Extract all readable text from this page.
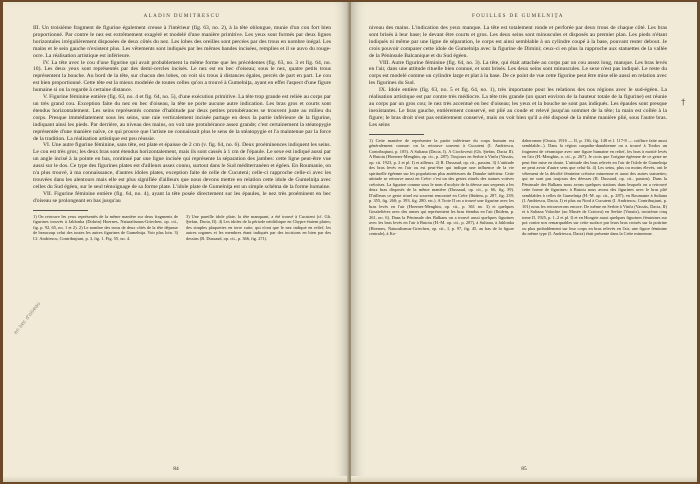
ALADIN DUMITRESCU

III. Un troisième fragment de figurine également creuse à l'intérieur (fig. 63, no. 2), à la tête oblongue, munie d'un cou fort bien proportionné. Par contre le nez est extrêmement exagéré et modelé d'une manière primitive. Les yeux sont formés par deux lignes horizontales irrégulièrement disposées de deux côtés du nez. Les lobes des oreilles sont percées par des trous en nombre inégal. Les mains et le sein gauche n'existent plus. Les vêtements sont indiqués par les mêmes bandes incisées, remplies et il se auvo du rouge-ocre. La réalisation artistique est inférieure.

IV. La tête avec le cou d'une figurine qui avait probablement la même forme que les précédentes (fig. 63, no. 3 et fig. 64, no. 10). Les deux yeux sont représentés par des demi-cercles incisés. Le nez est en bec d'oiseau; sous le nez, quatre petits trous représentent la bouche. Au bord de la tête, sur chacun des lobes, on voit six trous à distances égales, percés de part en part. Le cou est bien proportionné. Cette tête est la mieux modelée de toutes celles qu'on a trouvé à Gumelniţa, ayant en effet l'aspect d'une figure humaine si on la regarde à certaine distance.

V. Figurine féminine entière (fig. 63, no. 4 et fig. 64, no. 5), d'une exécution primitive. La tête trop grande est reliée au corps par un très grand cou. Exception faite du nez en bec d'oiseau, la tête ne porte aucune autre indication. Les bras gros et courts sont étendus horizontalement. Les seins représentés comme d'habitude par deux petites protubérances se trouvent juste au milieu du corps. Presque immédiatement sous les seins, une raie verticalement incisée partage en deux la partie inférieure de la figurine, indiquant ainsi les pieds. Par derrière, au niveau des mains, on voit une protubérance assez grande; c'est certainement la stéatopygie représentée d'une manière naïve, ce qui prouve que l'artiste ne connaissait plus le sens de la stéatopygie et l'a maintenue par la force de la tradition. La réalisation artistique est peu réussie.

VI. Une autre figurine féminine, sans tête, est plate et épaisse de 2 cm (v. fig. 64, no. 6). Deux proéminences indiquent les seins. Le cou est très gros; les deux bras sont étendus horizontalement, mais ils sont cassés à 1 cm de l'épaule. Le sexe est indiqué aussi par un angle incisé à la pointe en bas, continué par une ligne incisée qui représente la séparation des jambes: cette ligne peut-être vue aussi sur le dos. Ce type des figurines plates est d'ailleurs assez connu, surtout dans le Sud méditerranéen et égéen. En Roumanie, on n'a plus trouvé, à ma connaissance, d'autres idoles plates, exception faite de celle de Cucuteni; celle-ci rapproche celle-ci avec les trouvées dans les alentours mais elle est plus signifiée d'ailleurs que nous devons mettre en relation cette idole de Gumelniţa avec celles du Sud égéen, sur le seul témoignage de sa forme plate. L'idole plate de Gumelniţa est un simple schéma de la forme humaine.

VII. Figurine féminine entière (fig. 64, no. 4), ayant la tête posée directement sur les épaules, le nez très proéminent en bec d'oiseau se prolongeant en bas jusqu'au

1) On retrouve les yeux représentés de la même manière sur deux fragments de figurines trouvés à Jablonka (Dobrin) Hoernes, Naturalismus-Griechen, op. cit., fig. p. 92, 65, no. 1 et 2). 2) Le nombre des trous de deux côtés de la tête dépasse de beaucoup celui des toutes les autres figurines de Gumelniţa. Voir plus loin. 3) Cf. Andriescu, Contribuţiuni, p. 3, fig. 1. Fig. 55, no. 4.

3) Une pareille idole plate, la tête manquant, a été trouvé à Cucuteni (cf. Gh. Ştefan, Dacia, II). 4) Les idoles de la période néolithique en Chypre étaient plates; des simples plaquettes en terre cuite, qui n'ont que le nez indiqué en relief, les autres organes et les membres étant indiqués par des incisions en bien par des dessins (R. Dussaud, op. cit., p. 366, fig. 271).

en bec d'oiseau
84
FOUILLES DE GUMELNIŢA

niveau des mains. L'indication des yeux manque. La tête est totalement ronde et perforée par deux trous de chaque côté. Les bras sont brisés à leur base; le devant être courts et gros. Les deux seins sont minuscules et disposés au premier plan. Les pieds n'étant indiqués ni même par une ligne de séparation, le corps est ainsi semblable à un cylindre coupé à la base, pouvant rester debout. Je crois pouvoir comparer cette idole de Gumelniţa avec la figurine de Dimini; ceux-ci en plus la rapproche aux statuettes de la vallée de la Péninsule Balcanique et du Sud égéen.

VIII. Autre figurine féminine (fig. 64, no. 3). La tête, qui était attachée au corps par un cou assez long, manque. Les bras levés en l'air, dans une attitude rituelle bien connue, et sont brisés. Les deux seins sont minuscules. Le sexe n'est pas indiqué. Le reste du corps est modelé comme un cylindre large et plat à la base. De ce point de vue cette figurine peut être mise elle aussi en relation avec les figurines du Sud.

IX. Idole entière (fig. 63, no. 5 et fig. 64, no. 1), très importante pour les relations des nos régions avec le sud-égéen. La réalisation artistique est par contre très médiocre. La tête très grande (un quart environ de la hauteur totale de la figurine) est réunie au corps par un gros cou; le nez très accentué en bec d'oiseau; les yeux et la bouche ne sont pas indiqués. Les épaules sont presque inexistantes. Le bras gauche, entièrement conservé, est plié au coude et relevé jusqu'au sommet de la tête; la main est collée à la figure; le bras droit n'est pas entièrement conservé, mais on voit bien qu'il a été disposé de la même manière plié, sous l'autre bras. Les seins

1) Cette manière de représenter la partie inférieure du corps humain est généralement connue: on la retrouve souvent à Cucuteni (I. Andriescu, Contribuţiuni, p. 105). A Sultana (Dacia, I). A Cioclovesti (Gh. Ştefan, Dacia II). A Butoiu (Hoernes-Menghin, op. cit., p. 287). Toujours en Serbie à Vinča (Vassits, op. cit. 1923, p. 2 et pl. I) et ailleurs. 2) R. Dussaud, op. cit., passim. 3) L'attitude des bras levés en l'air ou est peut-être qui indique une influence de la vie spirituelle égéenne sur les populations plus antérieures du Danube inférieur. Cette attitude se retrouve aussi en Crète: c'est un des gestes rituels des statues votives crétoises. La figurine connue sous le nom d'acolyte de la déesse aux serpents a les deux bras disposés de la même manière (Dussaud, op. cit., p. 66, fig. 39). D'ailleurs ce geste rituel est souvent rencontré en Crète (Ibidem, p. 287, fig. 239; p. 355, fig. 260; p. 393, fig. 280, etc.). A Troie II on a trouvé une figurine avec les bras levés en l'air (Hoernes-Menghin, op. cit., p. 361 no. 3) et quelques Gouttelières avec des armes qui représentent les bras étendus en l'air (Ibidem, p. 261, no. 6). Dans la Péninsule des Balkans on a trouvé aussi quelques figurines avec les bras levés en l'air à Butoiu (H.-M. op. cit., p. 287), à Sultana, à Jablonka (Hoernes, Naturalismus-Griechen, op. cit., I, p. 97, fig. 45, au bas de la figure centrale), à Ko-

dzheromen (Orssia, 1916 — II, p. 136, fig. 148 et l. 117-8 — coiffure faite aussi semblable...). Dans la région carpatho-danubienne on a trouvé à Tordos un fragment de céramique avec une figure humaine en relief, les bras à moitié levés en l'air (H.-Menghin, o. cit., p. 267). Je crois que l'origine égéenne de ce geste ne peut être mise en doute. L'attitude des bras relevés en l'air de l'idole de Gumelniţa ne peut avoir d'autre sens que celui-là. 4) Les seins, plus ou moins élevés, ont le vêtement de la décolté féminine crétoise minoenne et aussi des autres statuettes; qui ne sont pas toujours des déesses (R. Dussaud, op. cit., passim). Dans la Péninsule des Balkans nous avons quelques stations dans lesquels on a retrouvé cette forme de figurines: à Butoiu nous avons des figurines avec le bras plié semblables à celles de Gumelniţa (H.-M. op. cit., p. 287); en Roumanie à Sultana (I. Andriescu, Dacia, I) et plus au Nord à Cucuteni (I. Andriescu, Contribuţiuni, p. 101) nous les retrouverons encore. De même en Serbie à Vinča (Vassits, Dacia, II) et à Sultana Valachie (au Musée de Craiova) en Serbie (Vassits), troisième cinq tome II, 1925, p. 1–2 et pl. I) et en Hongrie aussi quelques figurines féminines sur pot contre nos remarquables sur cette surface par leurs bras croisés sur la poitrine ou plus probablement sur leur corps en bras relevés en l'air, une figure féminine du même type (I. Andriescu, Dacia) était présente dans la Crète minoenne.

†
85
